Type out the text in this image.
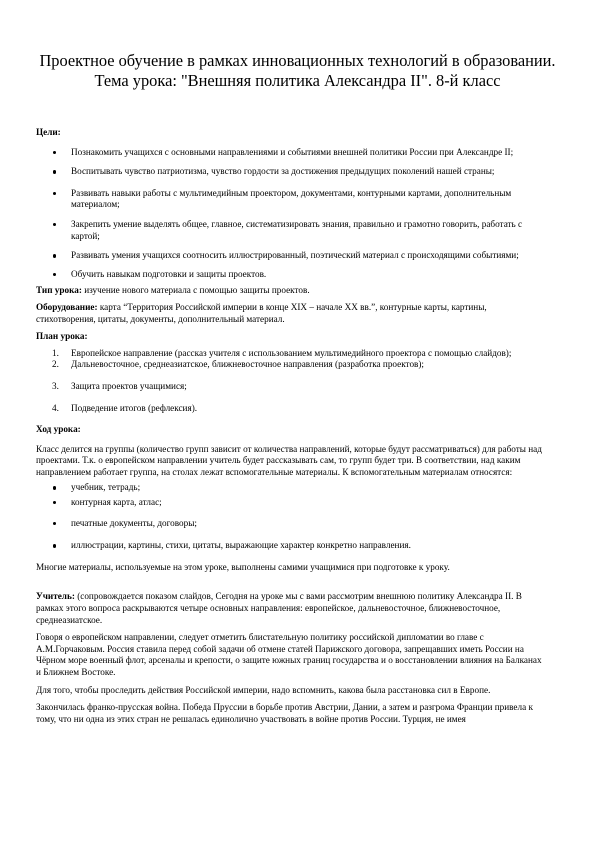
Проектное обучение в рамках инновационных технологий в образовании.
Тема урока: "Внешняя политика Александра II". 8-й класс

Цели:

Познакомить учащихся с основными направлениями и событиями внешней политики России при Александре II;

Воспитывать чувство патриотизма, чувство гордости за достижения предыдущих поколений нашей страны;

Развивать навыки работы с мультимедийным проектором, документами, контурными картами, дополнительным материалом;

Закрепить умение выделять общее, главное, систематизировать знания, правильно и грамотно говорить, работать с картой;

Развивать умения учащихся соотносить иллюстрированный, поэтический материал с происходящими событиями;

Обучить навыкам подготовки и защиты проектов.

Тип урока: изучение нового материала с помощью защиты проектов.

Оборудование: карта “Территория Российской империи в конце XIX – начале XX вв.”, контурные карты, картины, стихотворения, цитаты, документы, дополнительный материал.

План урока:

1. Европейское направление (рассказ учителя с использованием мультимедийного проектора с помощью слайдов);

2. Дальневосточное, среднеазиатское, ближневосточное направления (разработка проектов);

3. Защита проектов учащимися;

4. Подведение итогов (рефлексия).

Ход урока:

Класс делится на группы (количество групп зависит от количества направлений, которые будут рассматриваться) для работы над проектами. Т.к. о европейском направлении учитель будет рассказывать сам, то групп будет три. В соответствии, над каким направлением работает группа, на столах лежат вспомогательные материалы. К вспомогательным материалам относятся:

учебник, тетрадь;

контурная карта, атлас;

печатные документы, договоры;

иллюстрации, картины, стихи, цитаты, выражающие характер конкретно направления.

Многие материалы, используемые на этом уроке, выполнены самими учащимися при подготовке к уроку.

Учитель: (сопровождается показом слайдов, Сегодня на уроке мы с вами рассмотрим внешнюю политику Александра II. В рамках этого вопроса раскрываются четыре основных направления: европейское, дальневосточное, ближневосточное, среднеазиатское.

Говоря о европейском направлении, следует отметить блистательную политику российской дипломатии во главе с А.М.Горчаковым. Россия ставила перед собой задачи об отмене статей Парижского договора, запрещавших иметь России на Чёрном море военный флот, арсеналы и крепости, о защите южных границ государства и о восстановлении влияния на Балканах и Ближнем Востоке.

Для того, чтобы проследить действия Российской империи, надо вспомнить, какова была расстановка сил в Европе.

Закончилась франко-прусская война. Победа Пруссии в борьбе против Австрии, Дании, а затем и разгрома Франции привела к тому, что ни одна из этих стран не решалась единолично участвовать в войне против России. Турция, не имея
